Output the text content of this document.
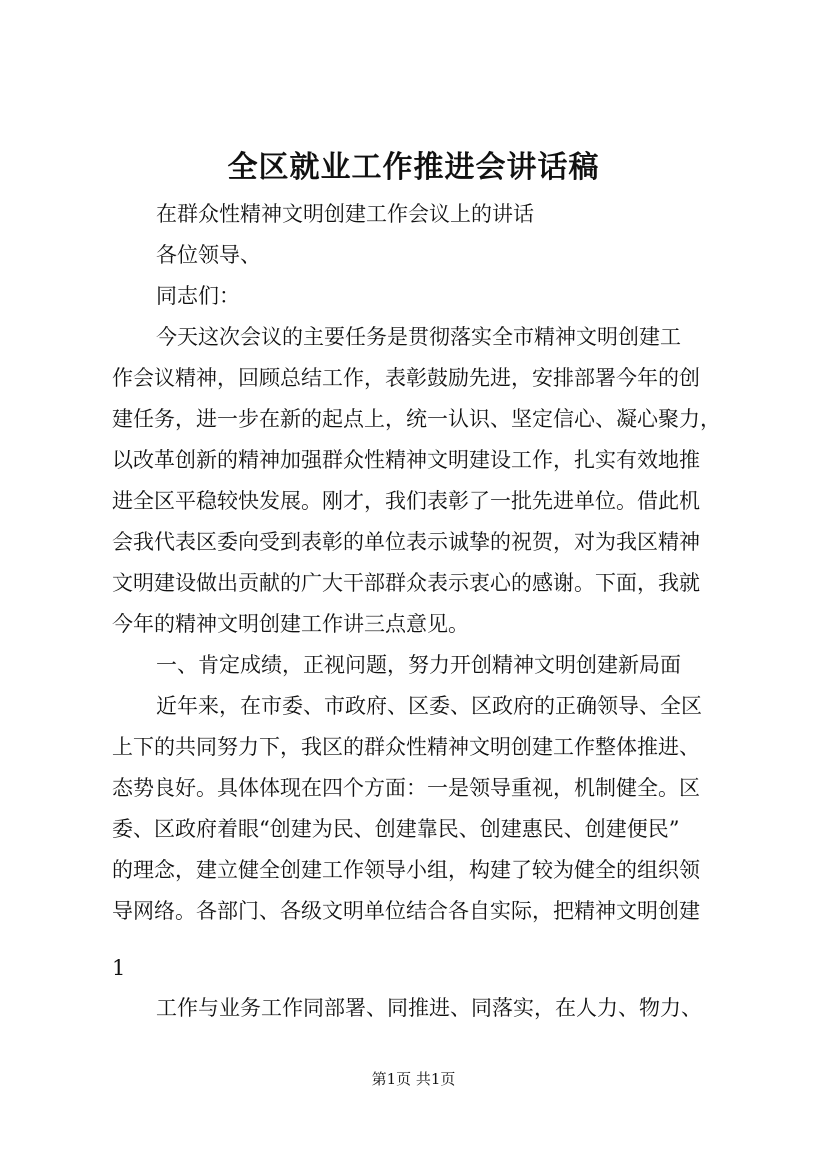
全区就业工作推进会讲话稿
在群众性精神文明创建工作会议上的讲话
各位领导、
同志们：
今天这次会议的主要任务是贯彻落实全市精神文明创建工
作会议精神，回顾总结工作，表彰鼓励先进，安排部署今年的创
建任务，进一步在新的起点上，统一认识、坚定信心、凝心聚力，
以改革创新的精神加强群众性精神文明建设工作，扎实有效地推
进全区平稳较快发展。刚才，我们表彰了一批先进单位。借此机
会我代表区委向受到表彰的单位表示诚挚的祝贺，对为我区精神
文明建设做出贡献的广大干部群众表示衷心的感谢。下面，我就
今年的精神文明创建工作讲三点意见。
一、肯定成绩，正视问题，努力开创精神文明创建新局面
近年来，在市委、市政府、区委、区政府的正确领导、全区
上下的共同努力下，我区的群众性精神文明创建工作整体推进、
态势良好。具体体现在四个方面：一是领导重视，机制健全。区
委、区政府着眼“创建为民、创建靠民、创建惠民、创建便民”
的理念，建立健全创建工作领导小组，构建了较为健全的组织领
导网络。各部门、各级文明单位结合各自实际，把精神文明创建
1
工作与业务工作同部署、同推进、同落实，在人力、物力、
第1页 共1页
